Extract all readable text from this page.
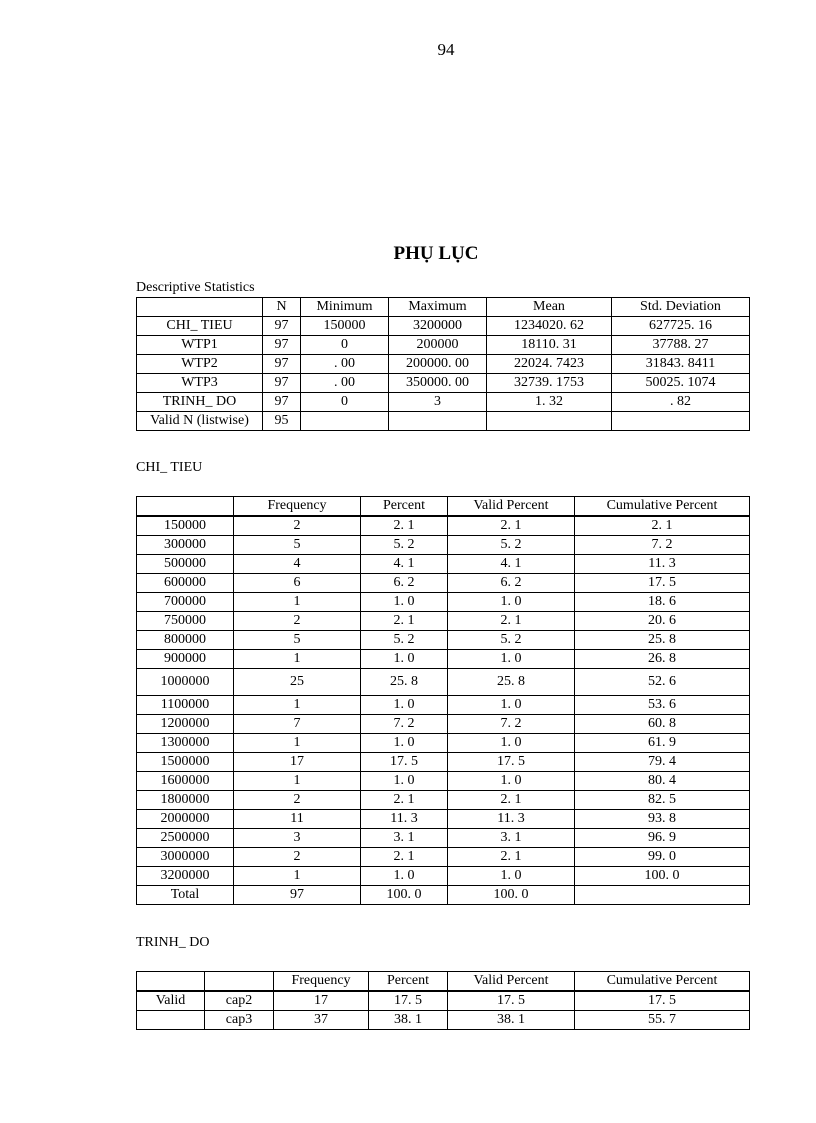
94
PHỤ LỤC
Descriptive Statistics
	N	Minimum	Maximum	Mean	Std. Deviation
CHI_ TIEU	97	150000	3200000	1234020. 62	627725. 16
WTP1	97	0	200000	18110. 31	37788. 27
WTP2	97	. 00	200000. 00	22024. 7423	31843. 8411
WTP3	97	. 00	350000. 00	32739. 1753	50025. 1074
TRINH_ DO	97	0	3	1. 32	. 82
Valid N (listwise)	95				
CHI_ TIEU
	Frequency	Percent	Valid Percent	Cumulative Percent
150000	2	2. 1	2. 1	2. 1
300000	5	5. 2	5. 2	7. 2
500000	4	4. 1	4. 1	11. 3
600000	6	6. 2	6. 2	17. 5
700000	1	1. 0	1. 0	18. 6
750000	2	2. 1	2. 1	20. 6
800000	5	5. 2	5. 2	25. 8
900000	1	1. 0	1. 0	26. 8
1000000	25	25. 8	25. 8	52. 6
1100000	1	1. 0	1. 0	53. 6
1200000	7	7. 2	7. 2	60. 8
1300000	1	1. 0	1. 0	61. 9
1500000	17	17. 5	17. 5	79. 4
1600000	1	1. 0	1. 0	80. 4
1800000	2	2. 1	2. 1	82. 5
2000000	11	11. 3	11. 3	93. 8
2500000	3	3. 1	3. 1	96. 9
3000000	2	2. 1	2. 1	99. 0
3200000	1	1. 0	1. 0	100. 0
Total	97	100. 0	100. 0	
TRINH_ DO
		Frequency	Percent	Valid Percent	Cumulative Percent
Valid	cap2	17	17. 5	17. 5	17. 5
	cap3	37	38. 1	38. 1	55. 7
